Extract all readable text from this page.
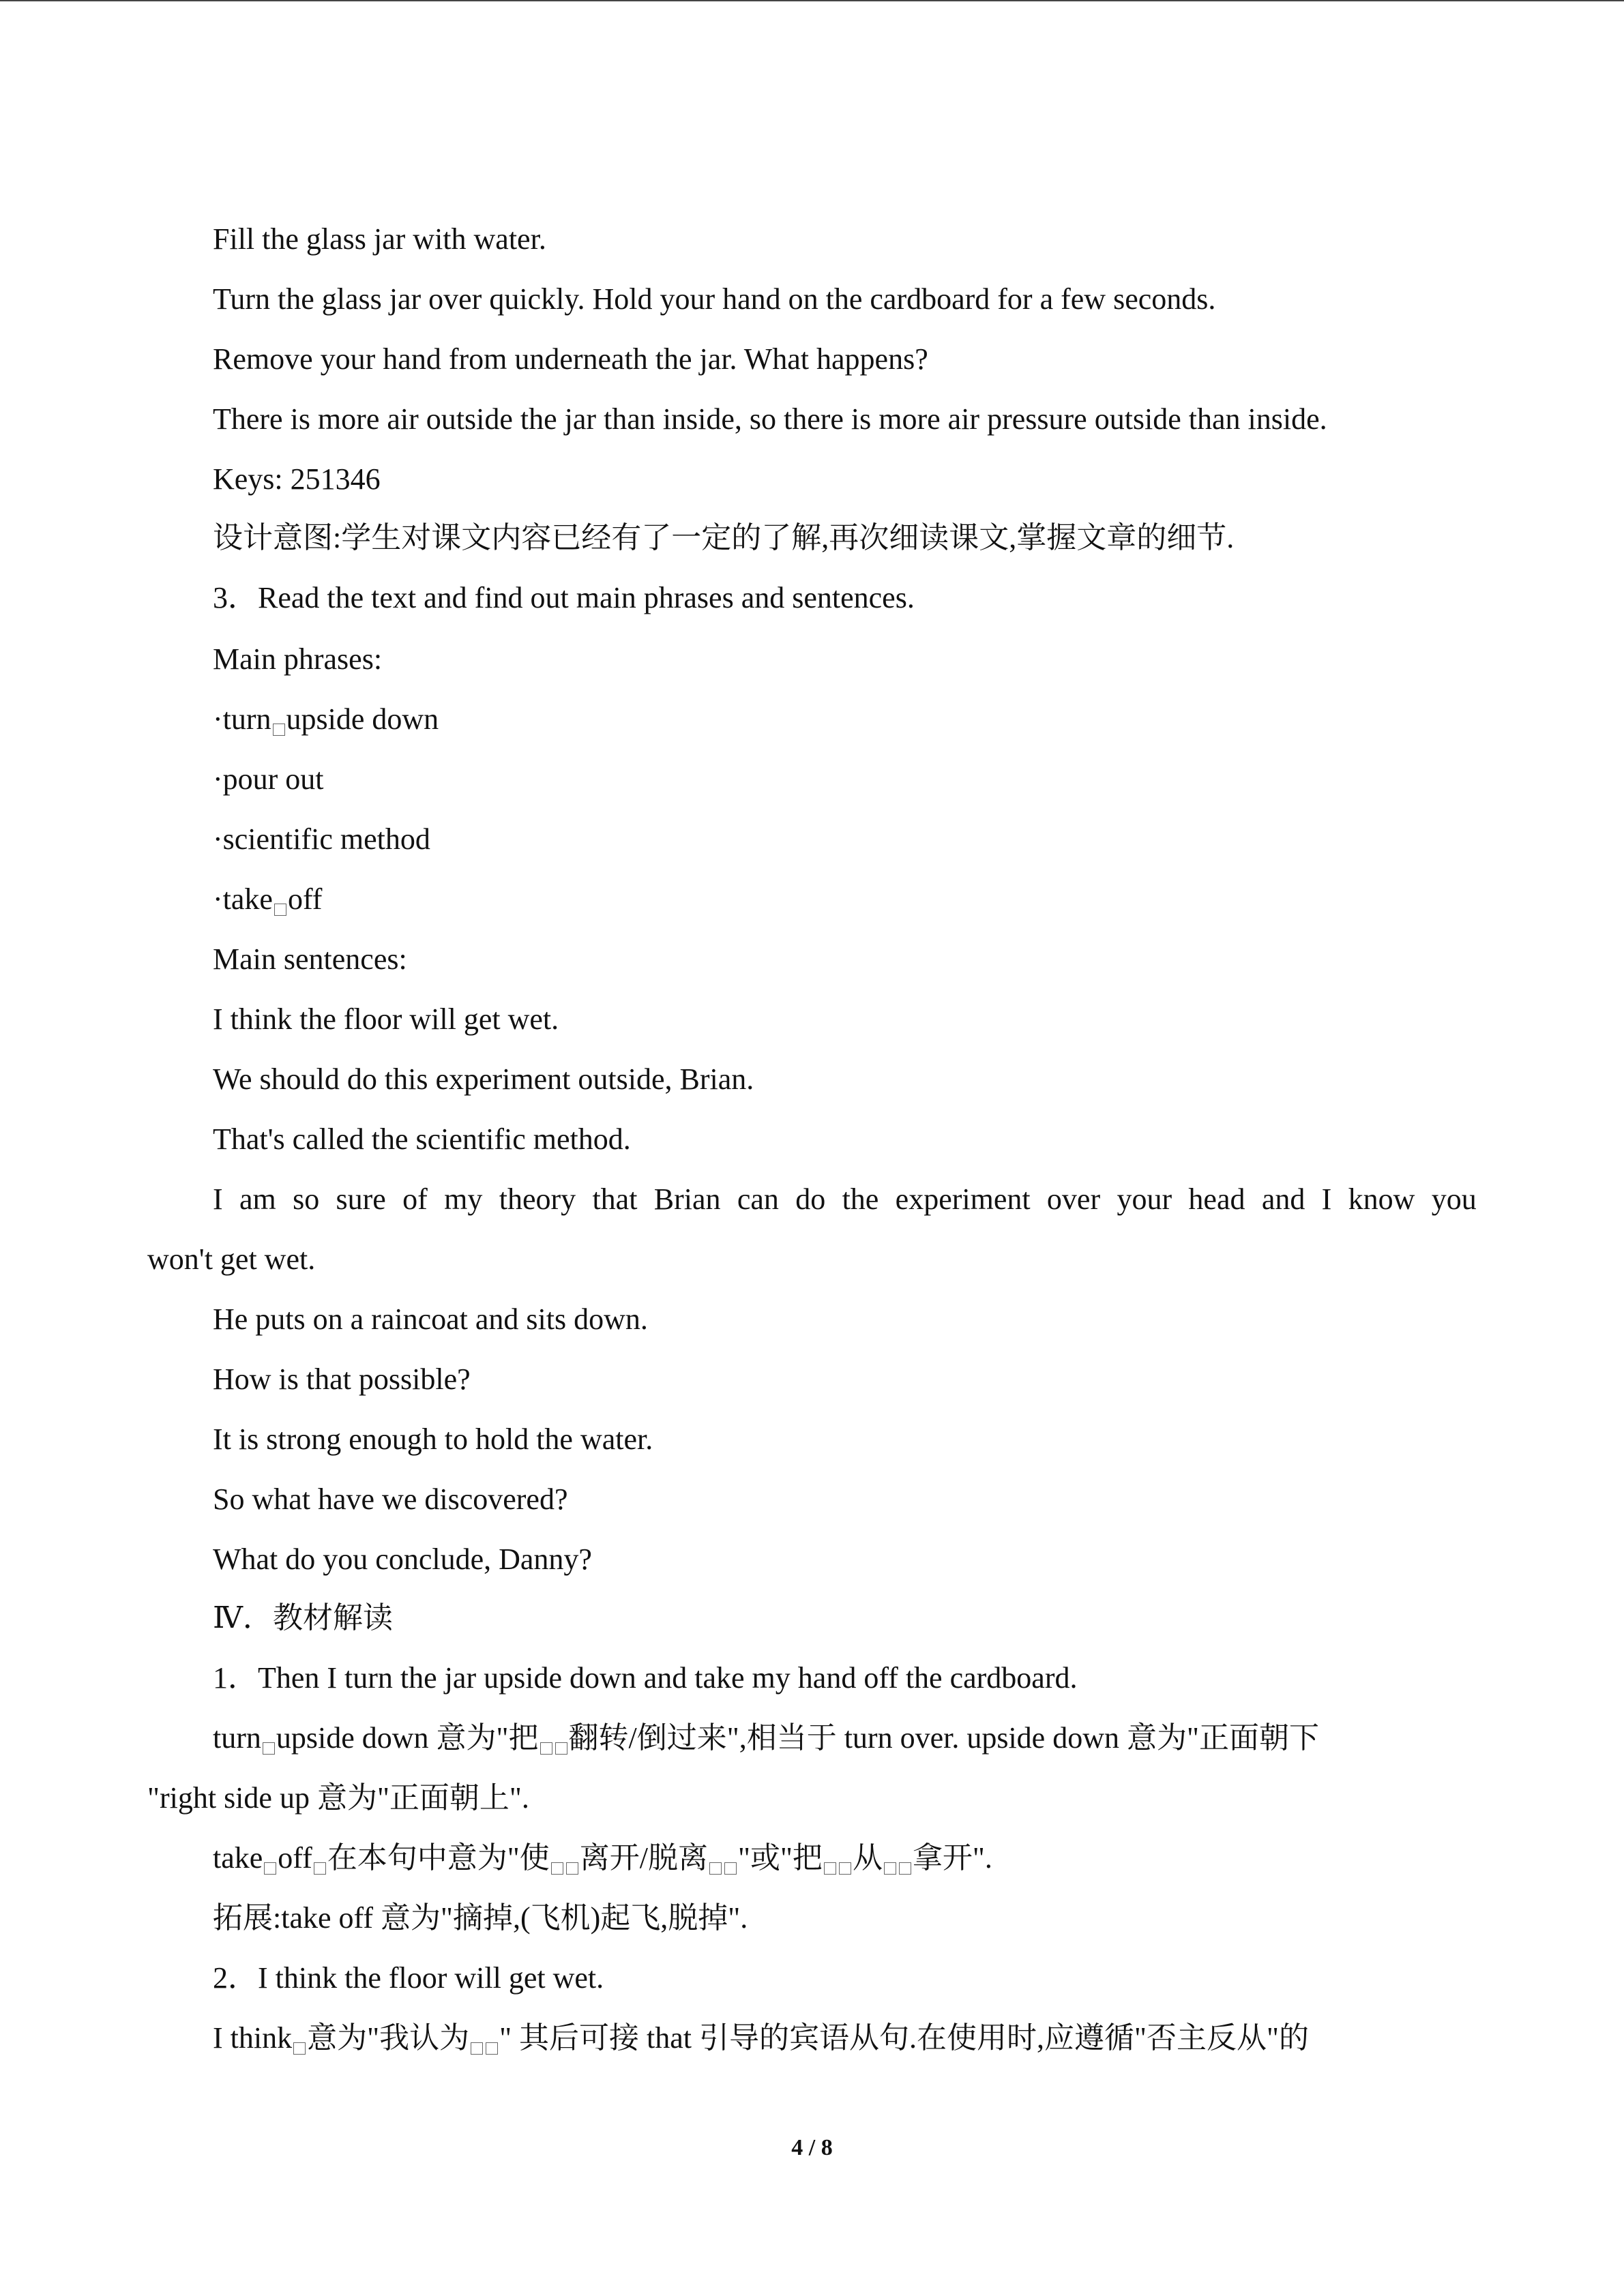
Fill the glass jar with water.
Turn the glass jar over quickly. Hold your hand on the cardboard for a few seconds.
Remove your hand from underneath the jar. What happens?
There is more air outside the jar than inside, so there is more air pressure outside than inside.
Keys: 251346
设计意图:学生对课文内容已经有了一定的了解,再次细读课文,掌握文章的细节.
3．Read the text and find out main phrases and sentences.
Main phrases:
·turn upside down
·pour out
·scientific method
·take off
Main sentences:
I think the floor will get wet.
We should do this experiment outside, Brian.
That's called the scientific method.
I am so sure of my theory that Brian can do the experiment over your head and I know you
won't get wet.
He puts on a raincoat and sits down.
How is that possible?
It is strong enough to hold the water.
So what have we discovered?
What do you conclude, Danny?
Ⅳ．教材解读
1．Then I turn the jar upside down and take my hand off the cardboard.
turn upside down 意为"把 翻转/倒过来",相当于 turn over. upside down 意为"正面朝下
"right side up 意为"正面朝上".
take off 在本句中意为"使 离开/脱离 "或"把 从 拿开".
拓展:take off 意为"摘掉,(飞机)起飞,脱掉".
2．I think the floor will get wet.
I think 意为"我认为 " 其后可接 that 引导的宾语从句.在使用时,应遵循"否主反从"的
4 / 8
